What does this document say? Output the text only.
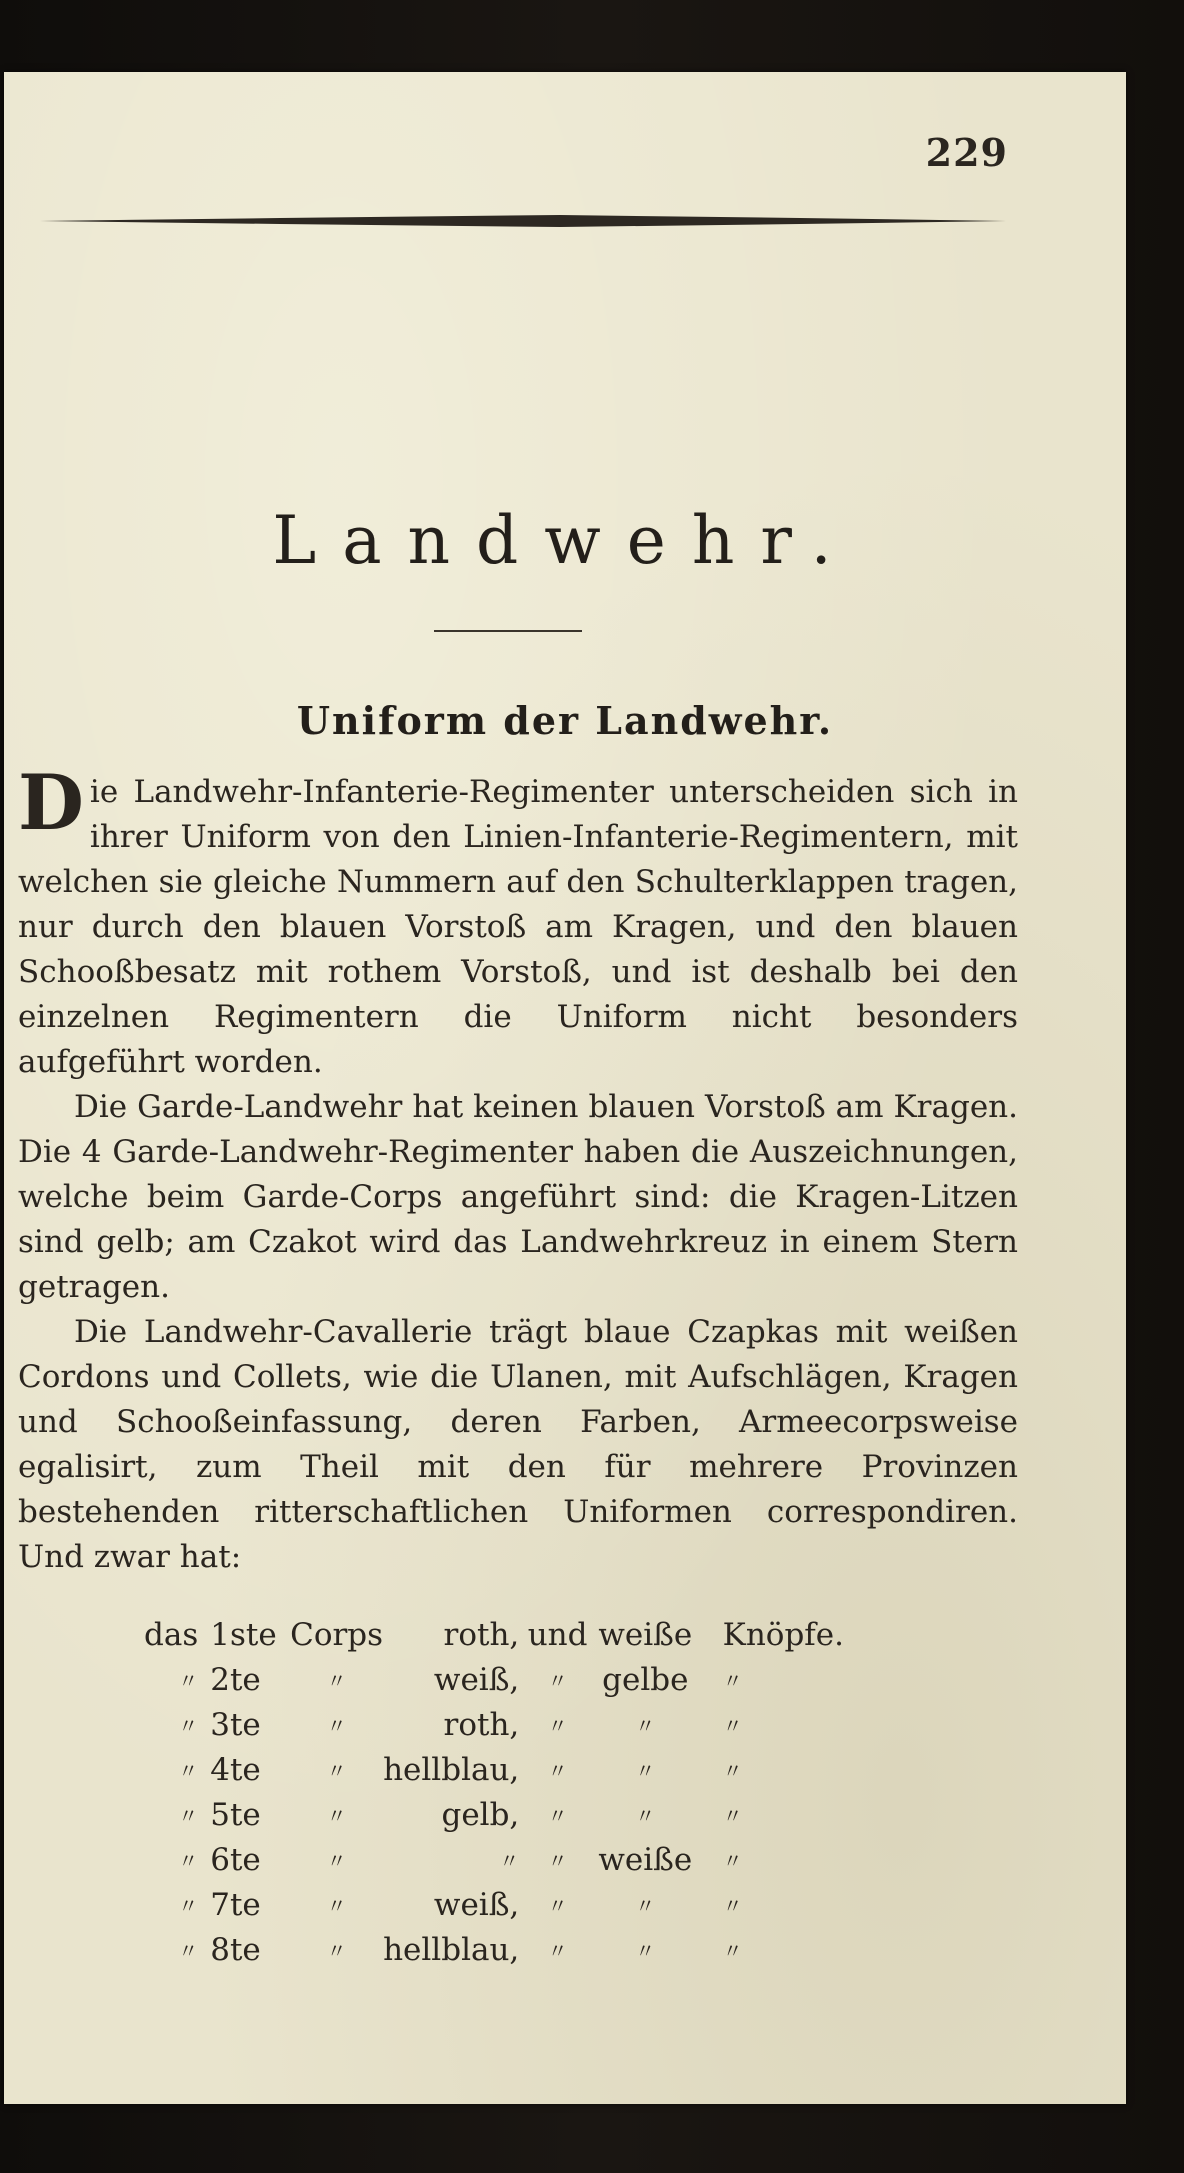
229
Landwehr.
Uniform der Landwehr.

Die Landwehr-Infanterie-Regimenter unterscheiden sich in ihrer Uniform von den Linien-Infanterie-Regimentern, mit welchen sie gleiche Nummern auf den Schulterklappen tragen, nur durch den blauen Vorstoß am Kragen, und den blauen Schooßbesatz mit rothem Vorstoß, und ist deshalb bei den einzelnen Regimentern die Uniform nicht besonders aufgeführt worden.

Die Garde-Landwehr hat keinen blauen Vorstoß am Kragen. Die 4 Garde-Landwehr-Regimenter haben die Auszeichnungen, welche beim Garde-Corps angeführt sind: die Kragen-Litzen sind gelb; am Czakot wird das Landwehrkreuz in einem Stern getragen.

Die Landwehr-Cavallerie trägt blaue Czapkas mit weißen Cordons und Collets, wie die Ulanen, mit Aufschlägen, Kragen und Schooßeinfassung, deren Farben, Armeecorpsweise egalisirt, zum Theil mit den für mehrere Provinzen bestehenden ritterschaftlichen Uniformen correspondiren. Und zwar hat:

das	1ste	Corps	roth,	und	weiße	Knöpfe.
〃	2te	〃	weiß,	〃	gelbe	〃
〃	3te	〃	roth,	〃	〃	〃
〃	4te	〃	hellblau,	〃	〃	〃
〃	5te	〃	gelb,	〃	〃	〃
〃	6te	〃	〃	〃	weiße	〃
〃	7te	〃	weiß,	〃	〃	〃
〃	8te	〃	hellblau,	〃	〃	〃
